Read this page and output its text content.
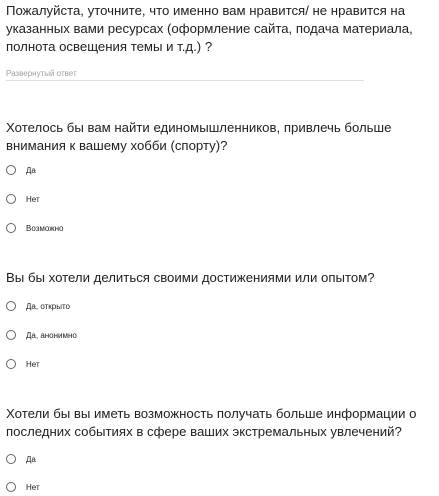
Пожалуйста, уточните, что именно вам нравится/ не нравится на указанных вами ресурсах (оформление сайта, подача материала, полнота освещения темы и т.д.) ?
Развернутый ответ
Хотелось бы вам найти единомышленников, привлечь больше внимания к вашему хобби (спорту)?
Да
Нет
Возможно
Вы бы хотели делиться своими достижениями или опытом?
Да, открыто
Да, анонимно
Нет
Хотели бы вы иметь возможность получать больше информации о последних событиях в сфере ваших экстремальных увлечений?
Да
Нет
